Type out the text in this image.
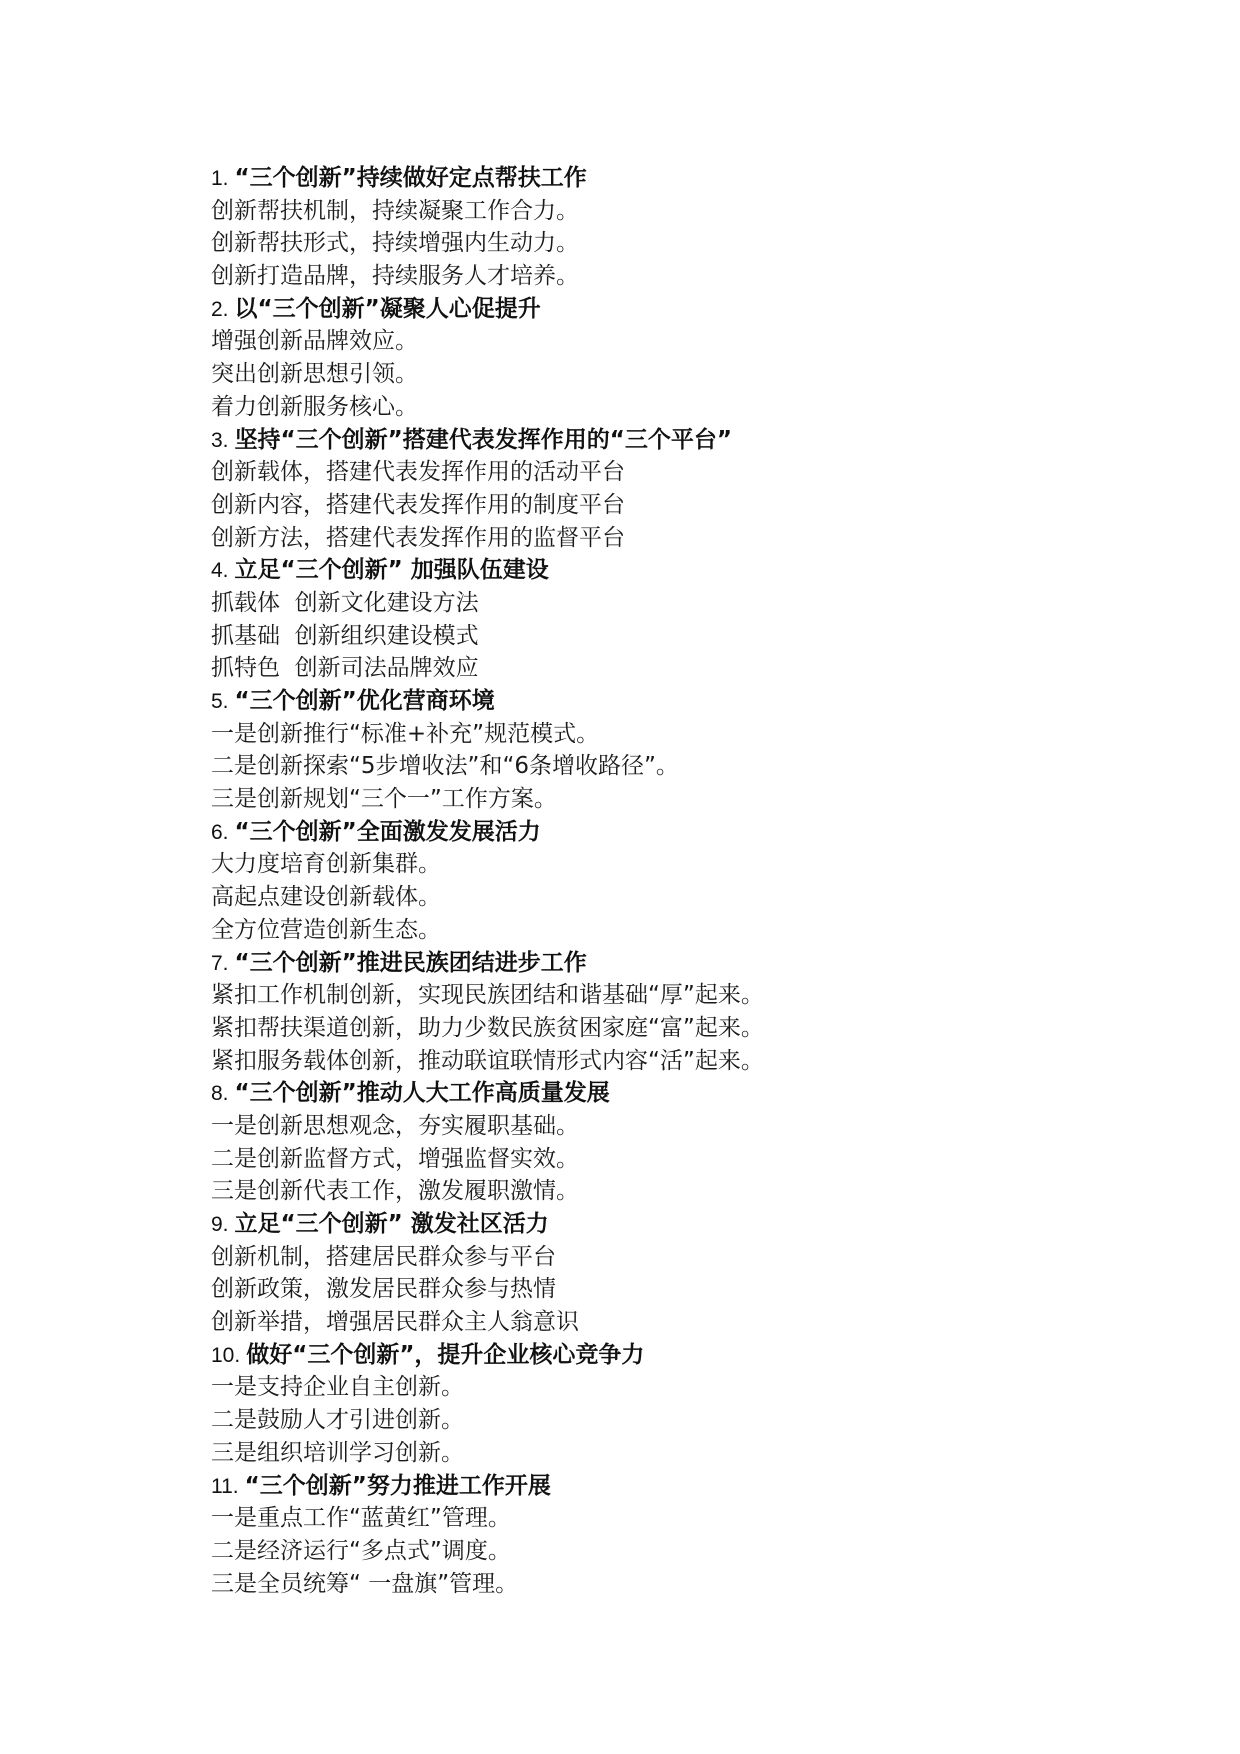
1. “三个创新”持续做好定点帮扶工作
创新帮扶机制，持续凝聚工作合力。
创新帮扶形式，持续增强内生动力。
创新打造品牌，持续服务人才培养。
2. 以“三个创新”凝聚人心促提升
增强创新品牌效应。
突出创新思想引领。
着力创新服务核心。
3. 坚持“三个创新”搭建代表发挥作用的“三个平台”
创新载体，搭建代表发挥作用的活动平台
创新内容，搭建代表发挥作用的制度平台
创新方法，搭建代表发挥作用的监督平台
4. 立足“三个创新” 加强队伍建设
抓载体  创新文化建设方法
抓基础  创新组织建设模式
抓特色  创新司法品牌效应
5. “三个创新”优化营商环境
一是创新推行“标准+补充”规范模式。
二是创新探索“5步增收法”和“6条增收路径”。
三是创新规划“三个一”工作方案。
6. “三个创新”全面激发发展活力
大力度培育创新集群。
高起点建设创新载体。
全方位营造创新生态。
7. “三个创新”推进民族团结进步工作
紧扣工作机制创新，实现民族团结和谐基础“厚”起来。
紧扣帮扶渠道创新，助力少数民族贫困家庭“富”起来。
紧扣服务载体创新，推动联谊联情形式内容“活”起来。
8. “三个创新”推动人大工作高质量发展
一是创新思想观念，夯实履职基础。
二是创新监督方式，增强监督实效。
三是创新代表工作，激发履职激情。
9. 立足“三个创新” 激发社区活力
创新机制，搭建居民群众参与平台
创新政策，激发居民群众参与热情
创新举措，增强居民群众主人翁意识
10. 做好“三个创新”，提升企业核心竞争力
一是支持企业自主创新。
二是鼓励人才引进创新。
三是组织培训学习创新。
11. “三个创新”努力推进工作开展
一是重点工作“蓝黄红”管理。
二是经济运行“多点式”调度。
三是全员统筹“ 一盘旗”管理。
